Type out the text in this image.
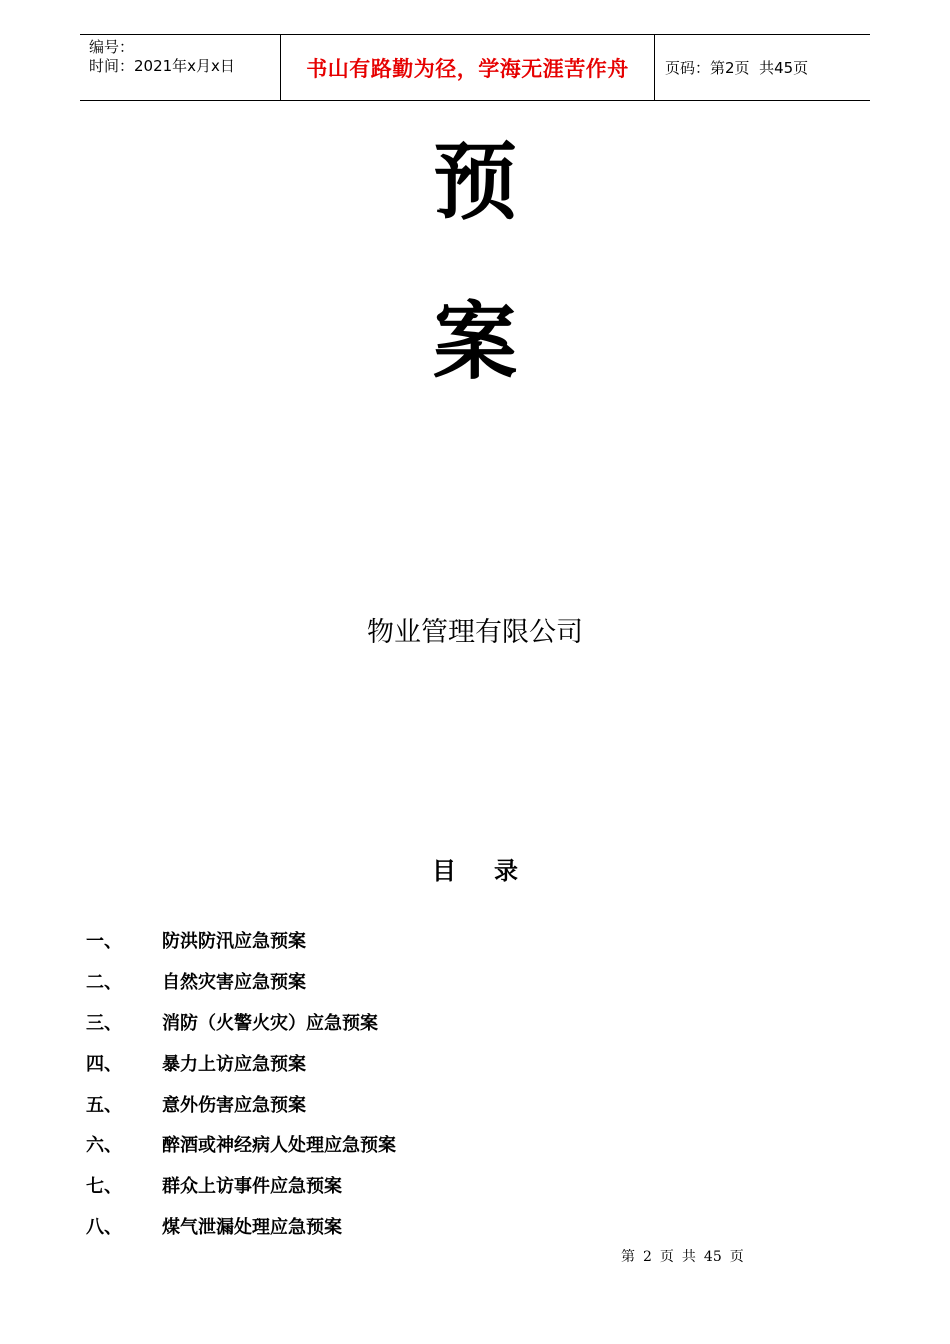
编号：
时间：2021年x月x日	书山有路勤为径，学海无涯苦作舟	页码：第2页  共45页
预
案
物业管理有限公司
目 录
一、	防洪防汛应急预案
二、	自然灾害应急预案
三、	消防（火警火灾）应急预案
四、	暴力上访应急预案
五、	意外伤害应急预案
六、	醉酒或神经病人处理应急预案
七、	群众上访事件应急预案
八、	煤气泄漏处理应急预案
第 2 页 共 45 页
